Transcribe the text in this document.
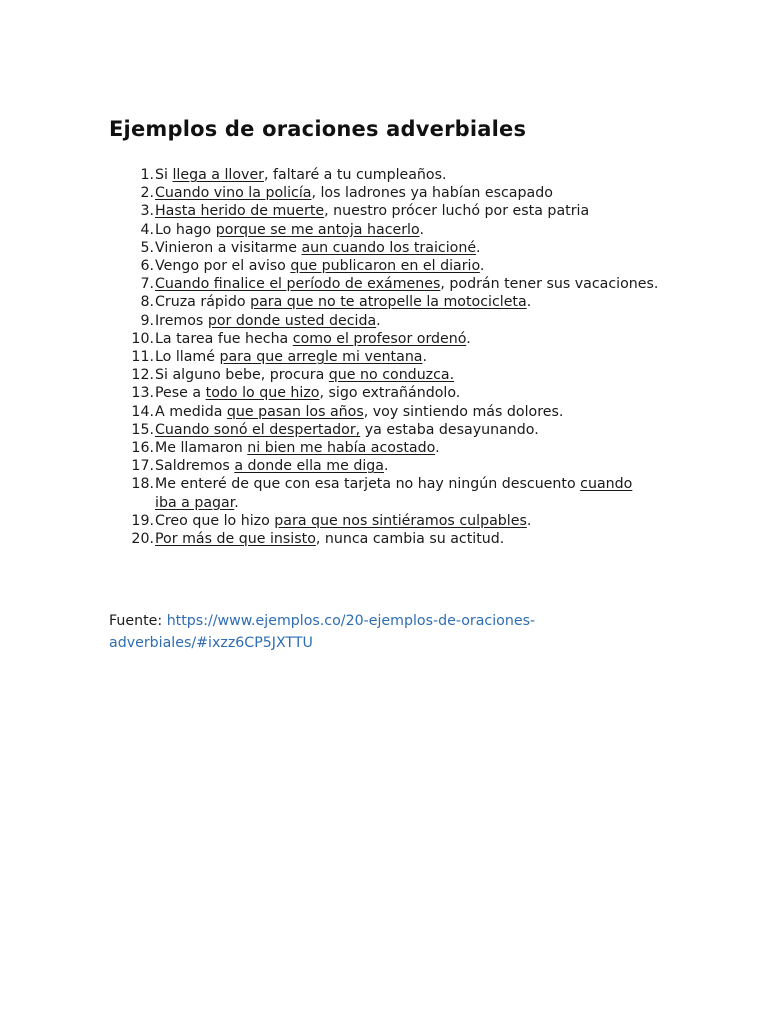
Ejemplos de oraciones adverbiales
1. Si llega a llover, faltaré a tu cumpleaños.
2. Cuando vino la policía, los ladrones ya habían escapado
3. Hasta herido de muerte, nuestro prócer luchó por esta patria
4. Lo hago porque se me antoja hacerlo.
5. Vinieron a visitarme aun cuando los traicioné.
6. Vengo por el aviso que publicaron en el diario.
7. Cuando finalice el período de exámenes, podrán tener sus vacaciones.
8. Cruza rápido para que no te atropelle la motocicleta.
9. Iremos por donde usted decida.
10. La tarea fue hecha como el profesor ordenó.
11. Lo llamé para que arregle mi ventana.
12. Si alguno bebe, procura que no conduzca.
13. Pese a todo lo que hizo, sigo extrañándolo.
14. A medida que pasan los años, voy sintiendo más dolores.
15. Cuando sonó el despertador, ya estaba desayunando.
16. Me llamaron ni bien me había acostado.
17. Saldremos a donde ella me diga.
18. Me enteré de que con esa tarjeta no hay ningún descuento cuando
iba a pagar.
19. Creo que lo hizo para que nos sintiéramos culpables.
20. Por más de que insisto, nunca cambia su actitud.
Fuente: https://www.ejemplos.co/20-ejemplos-de-oraciones-
adverbiales/#ixzz6CP5JXTTU
